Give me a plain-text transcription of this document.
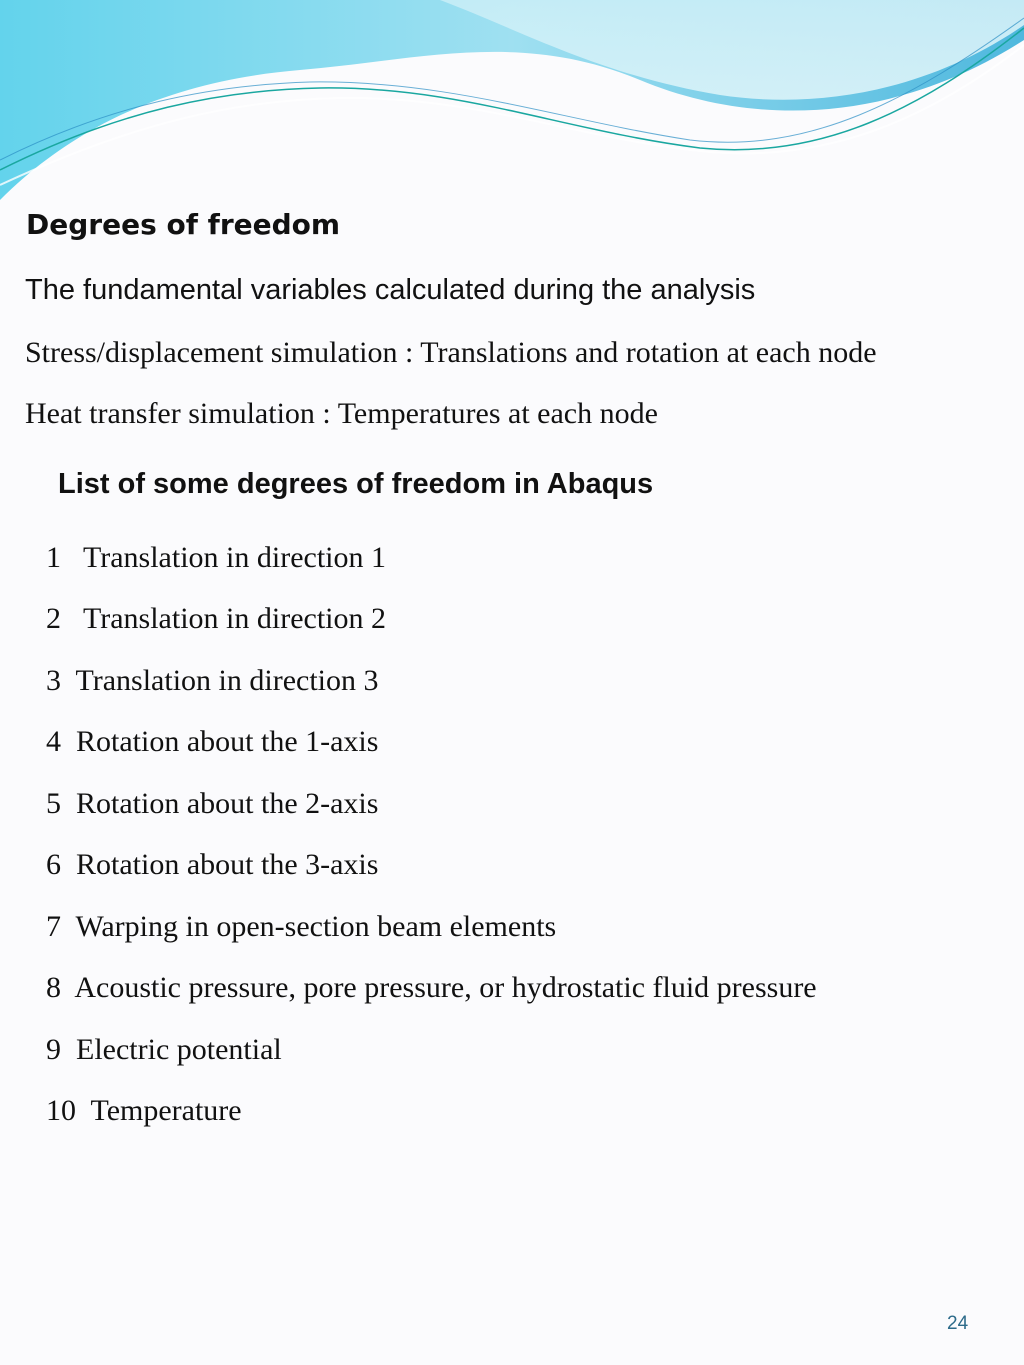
Degrees of freedom
The fundamental variables calculated during the analysis
Stress/displacement simulation : Translations and rotation at each node
Heat transfer simulation : Temperatures at each node
List of some degrees of freedom in Abaqus
1   Translation in direction 1
2   Translation in direction 2
3  Translation in direction 3
4  Rotation about the 1-axis
5  Rotation about the 2-axis
6  Rotation about the 3-axis
7  Warping in open-section beam elements
8  Acoustic pressure, pore pressure, or hydrostatic fluid pressure
9  Electric potential
10  Temperature
24
